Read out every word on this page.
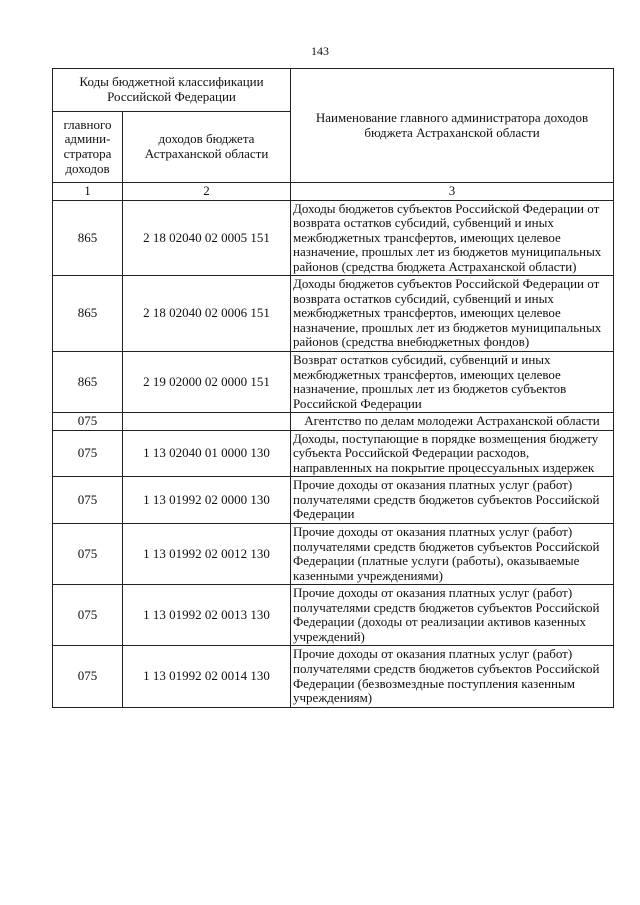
143
Коды бюджетной классификации Российской Федерации		Наименование главного администратора доходов бюджета Астраханской области
главного админи-стратора доходов	доходов бюджета Астраханской области	
1	2	3
865	2 18 02040 02 0005 151	Доходы бюджетов субъектов Российской Федерации от возврата остатков субсидий, субвенций и иных межбюджетных трансфертов, имеющих целевое назначение, прошлых лет из бюджетов муниципальных районов (средства бюджета Астраханской области)
865	2 18 02040 02 0006 151	Доходы бюджетов субъектов Российской Федерации от возврата остатков субсидий, субвенций и иных межбюджетных трансфертов, имеющих целевое назначение, прошлых лет из бюджетов муниципальных районов (средства внебюджетных фондов)
865	2 19 02000 02 0000 151	Возврат остатков субсидий, субвенций и иных межбюджетных трансфертов, имеющих целевое назначение, прошлых лет из бюджетов субъектов Российской Федерации
075		Агентство по делам молодежи Астраханской области
075	1 13 02040 01 0000 130	Доходы, поступающие в порядке возмещения бюджету субъекта Российской Федерации расходов, направленных на покрытие процессуальных издержек
075	1 13 01992 02 0000 130	Прочие доходы от оказания платных услуг (работ) получателями средств бюджетов субъектов Российской Федерации
075	1 13 01992 02 0012 130	Прочие доходы от оказания платных услуг (работ) получателями средств бюджетов субъектов Российской Федерации (платные услуги (работы), оказываемые казенными учреждениями)
075	1 13 01992 02 0013 130	Прочие доходы от оказания платных услуг (работ) получателями средств бюджетов субъектов Российской Федерации (доходы от реализации активов казенных учреждений)
075	1 13 01992 02 0014 130	Прочие доходы от оказания платных услуг (работ) получателями средств бюджетов субъектов Российской Федерации (безвозмездные поступления казенным учреждениям)
